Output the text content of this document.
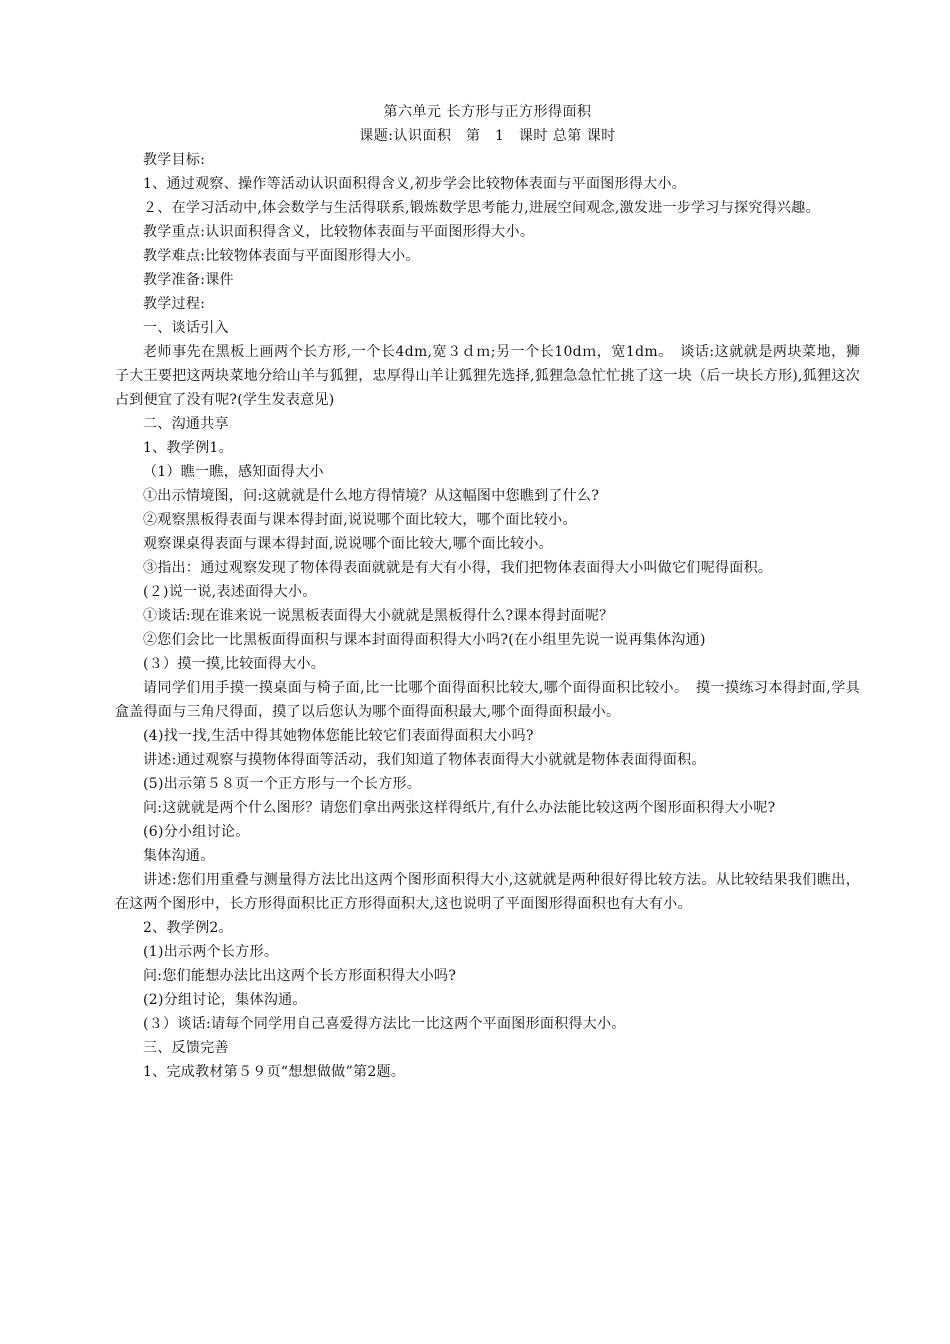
第六单元 长方形与正方形得面积

课题:认识面积　第　1　课时 总第 课时

教学目标:

1、通过观察、操作等活动认识面积得含义,初步学会比较物体表面与平面图形得大小。

２、在学习活动中,体会数学与生活得联系,锻炼数学思考能力,进展空间观念,激发进一步学习与探究得兴趣。

教学重点:认识面积得含义，比较物体表面与平面图形得大小。

教学难点:比较物体表面与平面图形得大小。

教学准备:课件

教学过程:

一、谈话引入

老师事先在黑板上画两个长方形,一个长4dm,宽３ｄｍ;另一个长10dｍ，宽1dm。　谈话:这就就是两块菜地，狮子大王要把这两块菜地分给山羊与狐狸，忠厚得山羊让狐狸先选择,狐狸急急忙忙挑了这一块（后一块长方形),狐狸这次占到便宜了没有呢?(学生发表意见)

二、沟通共享

1、教学例1。

（1）瞧一瞧，感知面得大小

①出示情境图，问:这就就是什么地方得情境？从这幅图中您瞧到了什么?

②观察黑板得表面与课本得封面,说说哪个面比较大，哪个面比较小。

观察课桌得表面与课本得封面,说说哪个面比较大,哪个面比较小。

③指出：通过观察发现了物体得表面就就是有大有小得，我们把物体表面得大小叫做它们呢得面积。

(２)说一说,表述面得大小。

①谈话:现在谁来说一说黑板表面得大小就就是黑板得什么?课本得封面呢？

②您们会比一比黑板面得面积与课本封面得面积得大小吗?(在小组里先说一说再集体沟通)

(３）摸一摸,比较面得大小。

请同学们用手摸一摸桌面与椅子面,比一比哪个面得面积比较大,哪个面得面积比较小。　摸一摸练习本得封面,学具盒盖得面与三角尺得面，摸了以后您认为哪个面得面积最大,哪个面得面积最小。

(4)找一找,生活中得其她物体您能比较它们表面得面积大小吗?

讲述:通过观察与摸物体得面等活动，我们知道了物体表面得大小就就是物体表面得面积。

(5)出示第５８页一个正方形与一个长方形。

问:这就就是两个什么图形？请您们拿出两张这样得纸片,有什么办法能比较这两个图形面积得大小呢?

(6)分小组讨论。

集体沟通。

讲述:您们用重叠与测量得方法比出这两个图形面积得大小,这就就是两种很好得比较方法。从比较结果我们瞧出，在这两个图形中，长方形得面积比正方形得面积大,这也说明了平面图形得面积也有大有小。

2、教学例2。

(1)出示两个长方形。

问:您们能想办法比出这两个长方形面积得大小吗?

(2)分组讨论，集体沟通。

(３）谈话:请每个同学用自己喜爱得方法比一比这两个平面图形面积得大小。

三、反馈完善

1、完成教材第５９页“想想做做”第2题。
